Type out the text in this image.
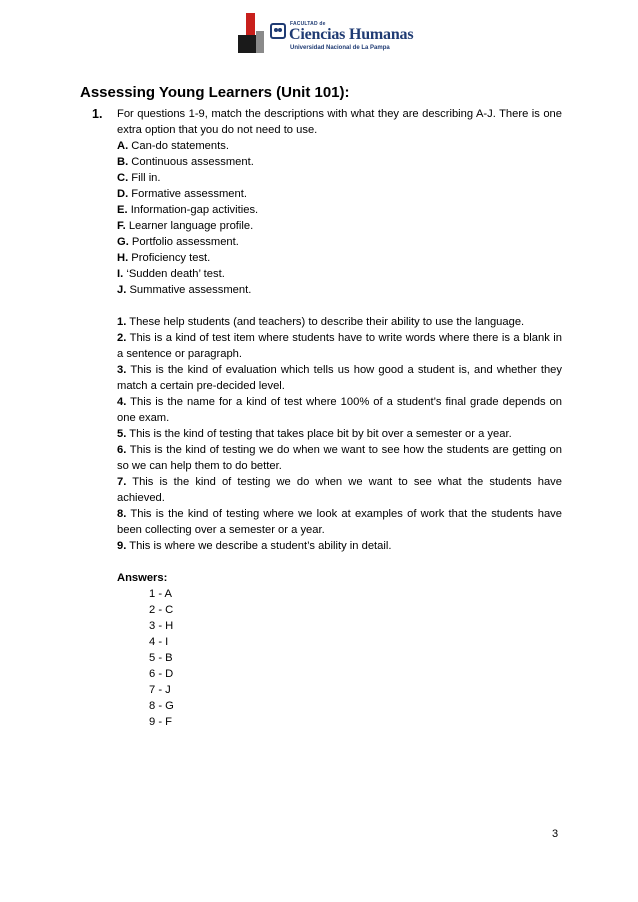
FACULTAD de
Ciencias Humanas
Universidad Nacional de La Pampa
Assessing Young Learners (Unit 101):
1.	For questions 1-9, match the descriptions with what they are describing A-J. There is one extra option that you do not need to use.
A. Can-do statements.
B. Continuous assessment.
C. Fill in.
D. Formative assessment.
E. Information-gap activities.
F. Learner language profile.
G. Portfolio assessment.
H. Proficiency test.
I. ‘Sudden death’ test.
J. Summative assessment.
1. These help students (and teachers) to describe their ability to use the language.
2. This is a kind of test item where students have to write words where there is a blank in a sentence or paragraph.
3. This is the kind of evaluation which tells us how good a student is, and whether they match a certain pre-decided level.
4. This is the name for a kind of test where 100% of a student’s final grade depends on one exam.
5. This is the kind of testing that takes place bit by bit over a semester or a year.
6. This is the kind of testing we do when we want to see how the students are getting on so we can help them to do better.
7. This is the kind of testing we do when we want to see what the students have achieved.
8. This is the kind of testing where we look at examples of work that the students have been collecting over a semester or a year.
9. This is where we describe a student’s ability in detail.
Answers:
1 - A
2 - C
3 - H
4 - I
5 - B
6 - D
7 - J
8 - G
9 - F
3
